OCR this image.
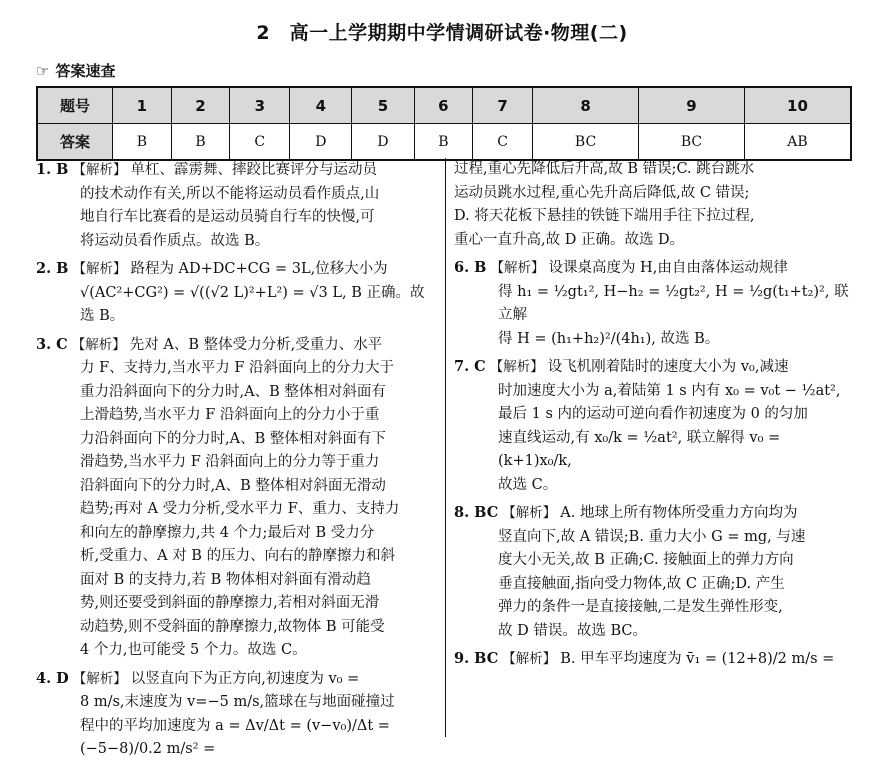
2　高一上学期期中学情调研试卷·物理(二)
☞ 答案速查
题号	1	2	3	4	5	6	7	8	9	10
答案	B	B	C	D	D	B	C	BC	BC	AB
1. B 【解析】 单杠、霹雳舞、摔跤比赛评分与运动员
的技术动作有关,所以不能将运动员看作质点,山
地自行车比赛看的是运动员骑自行车的快慢,可
将运动员看作质点。故选 B。
2. B 【解析】 路程为 AD+DC+CG = 3L,位移大小为
√(AC²+CG²) = √((√2 L)²+L²) = √3 L, B 正确。故
选 B。
3. C 【解析】 先对 A、B 整体受力分析,受重力、水平
力 F、支持力,当水平力 F 沿斜面向上的分力大于
重力沿斜面向下的分力时,A、B 整体相对斜面有
上滑趋势,当水平力 F 沿斜面向上的分力小于重
力沿斜面向下的分力时,A、B 整体相对斜面有下
滑趋势,当水平力 F 沿斜面向上的分力等于重力
沿斜面向下的分力时,A、B 整体相对斜面无滑动
趋势;再对 A 受力分析,受水平力 F、重力、支持力
和向左的静摩擦力,共 4 个力;最后对 B 受力分
析,受重力、A 对 B 的压力、向右的静摩擦力和斜
面对 B 的支持力,若 B 物体相对斜面有滑动趋
势,则还要受到斜面的静摩擦力,若相对斜面无滑
动趋势,则不受斜面的静摩擦力,故物体 B 可能受
4 个力,也可能受 5 个力。故选 C。
4. D 【解析】 以竖直向下为正方向,初速度为 v₀ =
8 m/s,末速度为 v=−5 m/s,篮球在与地面碰撞过
程中的平均加速度为 a = Δv/Δt = (v−v₀)/Δt = (−5−8)/0.2 m/s² =
过程,重心先降低后升高,故 B 错误;C. 跳台跳水
运动员跳水过程,重心先升高后降低,故 C 错误;
D. 将天花板下悬挂的铁链下端用手往下拉过程,
重心一直升高,故 D 正确。故选 D。
6. B 【解析】 设课桌高度为 H,由自由落体运动规律
得 h₁ = ½gt₁², H−h₂ = ½gt₂², H = ½g(t₁+t₂)², 联立解
得 H = (h₁+h₂)²/(4h₁), 故选 B。
7. C 【解析】 设飞机刚着陆时的速度大小为 v₀,减速
时加速度大小为 a,着陆第 1 s 内有 x₀ = v₀t − ½at²,
最后 1 s 内的运动可逆向看作初速度为 0 的匀加
速直线运动,有 x₀/k = ½at², 联立解得 v₀ = (k+1)x₀/k,
故选 C。
8. BC 【解析】 A. 地球上所有物体所受重力方向均为
竖直向下,故 A 错误;B. 重力大小 G = mg, 与速
度大小无关,故 B 正确;C. 接触面上的弹力方向
垂直接触面,指向受力物体,故 C 正确;D. 产生
弹力的条件一是直接接触,二是发生弹性形变,
故 D 错误。故选 BC。
9. BC 【解析】 B. 甲车平均速度为 v̄₁ = (12+8)/2 m/s =
